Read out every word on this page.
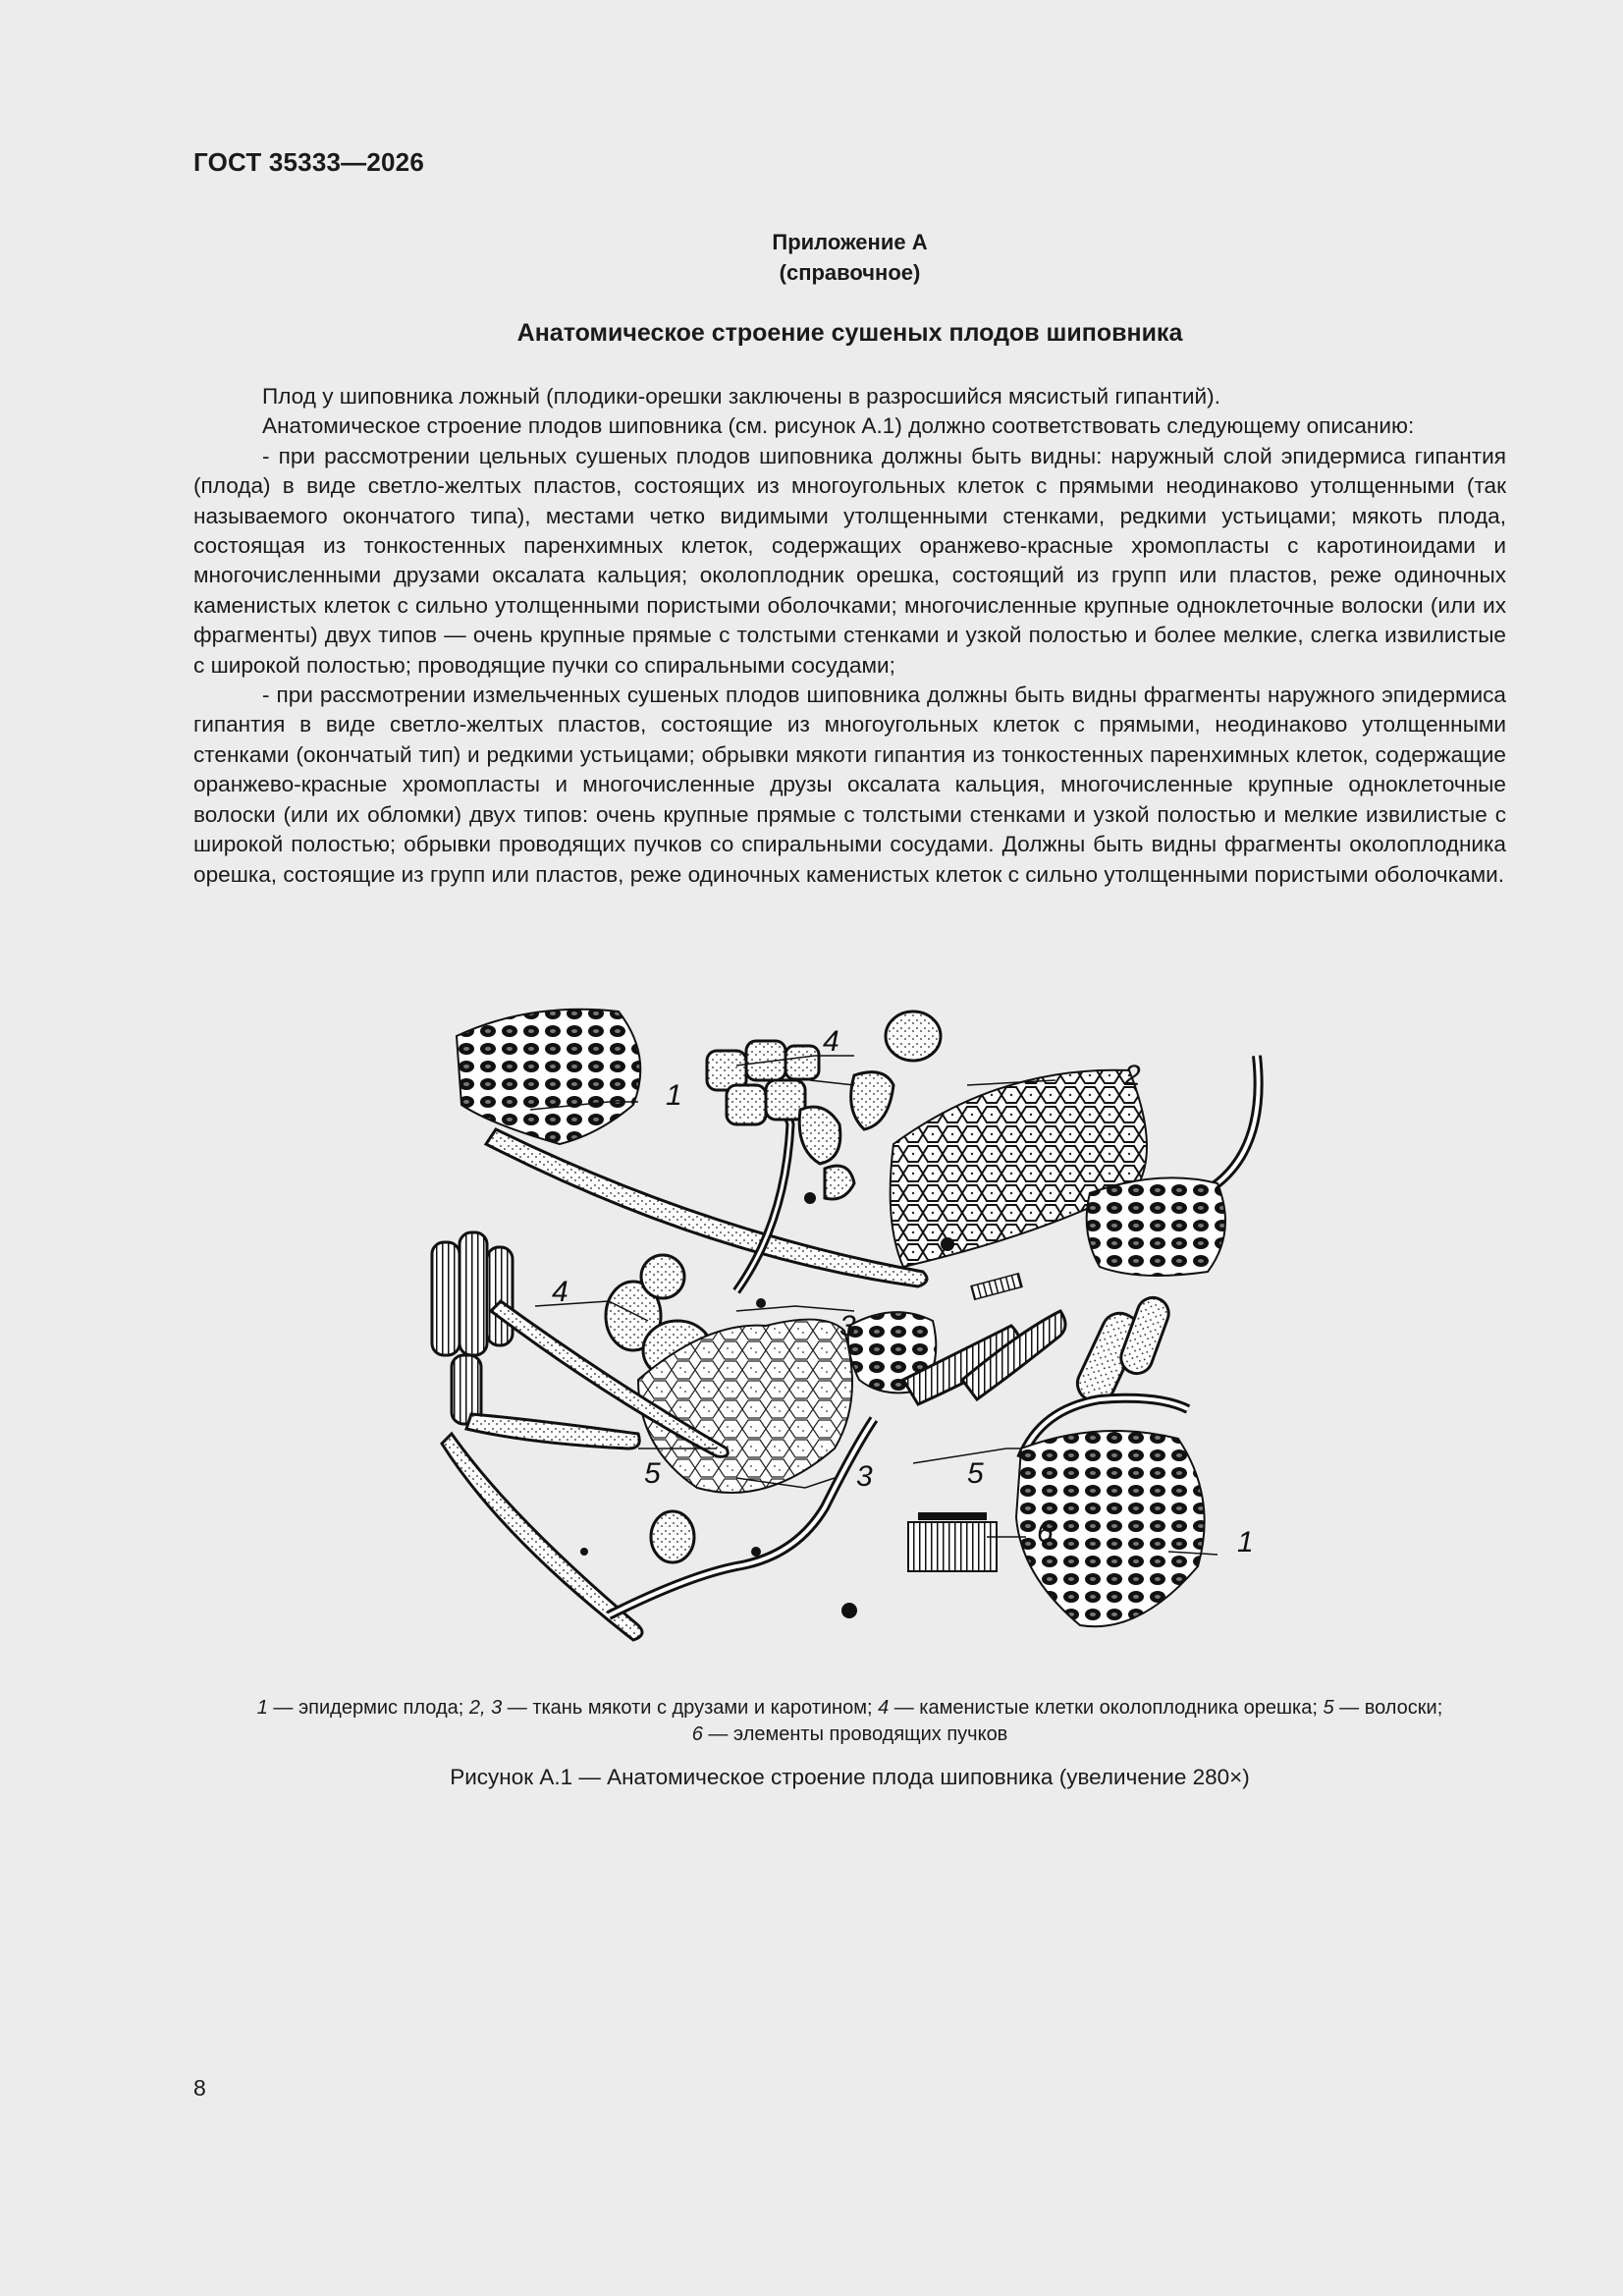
ГОСТ 35333—2026
Приложение А
(справочное)
Анатомическое строение сушеных плодов шиповника

Плод у шиповника ложный (плодики-орешки заключены в разросшийся мясистый гипантий).

Анатомическое строение плодов шиповника (см. рисунок А.1) должно соответствовать следующему описанию:

- при рассмотрении цельных сушеных плодов шиповника должны быть видны: наружный слой эпидермиса гипантия (плода) в виде светло-желтых пластов, состоящих из многоугольных клеток с прямыми неодинаково утолщенными (так называемого окончатого типа), местами четко видимыми утолщенными стенками, редкими устьицами; мякоть плода, состоящая из тонкостенных паренхимных клеток, содержащих оранжево-красные хромопласты с каротиноидами и многочисленными друзами оксалата кальция; околоплодник орешка, состоящий из групп или пластов, реже одиночных каменистых клеток с сильно утолщенными пористыми оболочками; многочисленные крупные одноклеточные волоски (или их фрагменты) двух типов — очень крупные прямые с толстыми стенками и узкой полостью и более мелкие, слегка извилистые с широкой полостью; проводящие пучки со спиральными сосудами;

- при рассмотрении измельченных сушеных плодов шиповника должны быть видны фрагменты наружного эпидермиса гипантия в виде светло-желтых пластов, состоящие из многоугольных клеток с прямыми, неодинаково утолщенными стенками (окончатый тип) и редкими устьицами; обрывки мякоти гипантия из тонкостенных паренхимных клеток, содержащие оранжево-красные хромопласты и многочисленные друзы оксалата кальция, многочисленные крупные одноклеточные волоски (или их обломки) двух типов: очень крупные прямые с толстыми стенками и узкой полостью и мелкие извилистые с широкой полостью; обрывки проводящих пучков со спиральными сосудами. Должны быть видны фрагменты околоплодника орешка, состоящие из групп или пластов, реже одиночных каменистых клеток с сильно утолщенными пористыми оболочками.

1
2
3
3
4
4
5	5
6	1
1 — эпидермис плода; 2, 3 — ткань мякоти с друзами и каротином; 4 — каменистые клетки околоплодника орешка; 5 — волоски;
6 — элементы проводящих пучков
Рисунок А.1 — Анатомическое строение плода шиповника (увеличение 280×)
8
